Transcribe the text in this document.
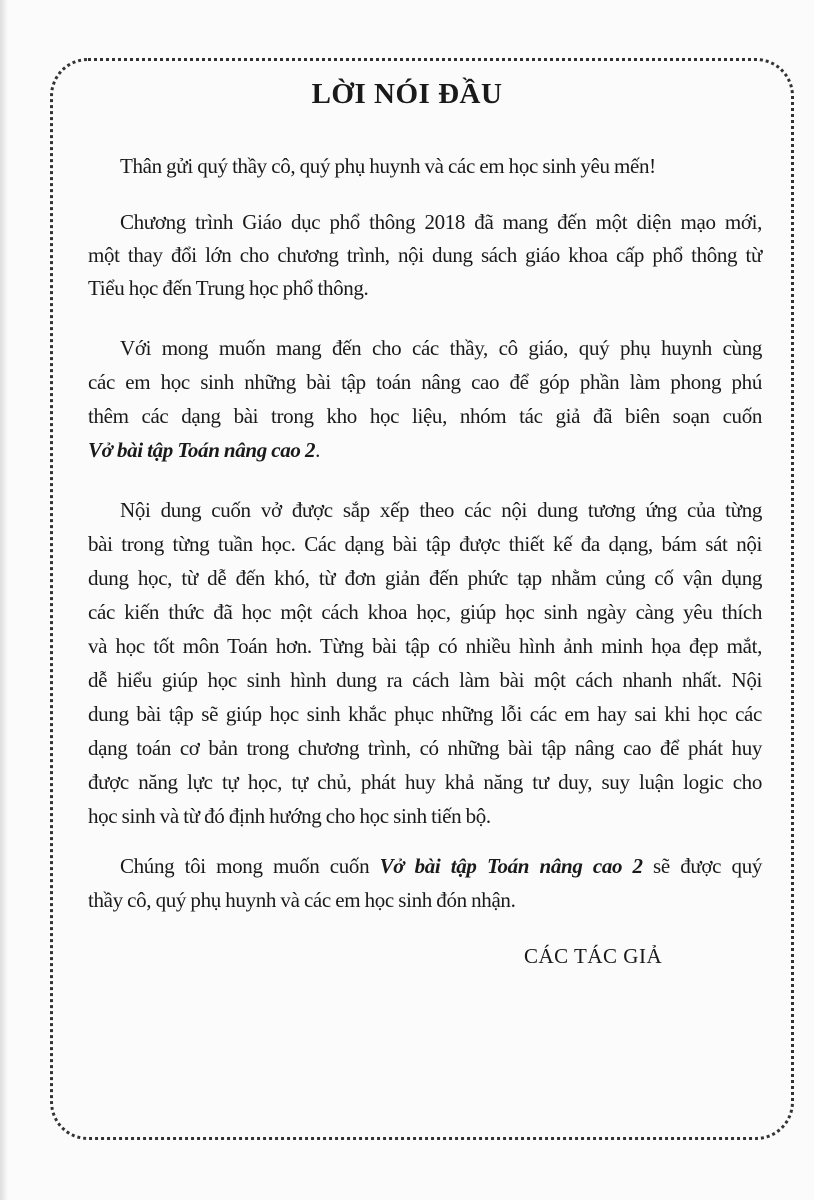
LỜI NÓI ĐẦU
Thân gửi quý thầy cô, quý phụ huynh và các em học sinh yêu mến!
Chương trình Giáo dục phổ thông 2018 đã mang đến một diện mạo mới,
một thay đổi lớn cho chương trình, nội dung sách giáo khoa cấp phổ thông từ
Tiểu học đến Trung học phổ thông.
Với mong muốn mang đến cho các thầy, cô giáo, quý phụ huynh cùng
các em học sinh những bài tập toán nâng cao để góp phần làm phong phú
thêm các dạng bài trong kho học liệu, nhóm tác giả đã biên soạn cuốn
Vở bài tập Toán nâng cao 2.
Nội dung cuốn vở được sắp xếp theo các nội dung tương ứng của từng
bài trong từng tuần học. Các dạng bài tập được thiết kế đa dạng, bám sát nội
dung học, từ dễ đến khó, từ đơn giản đến phức tạp nhằm củng cố vận dụng
các kiến thức đã học một cách khoa học, giúp học sinh ngày càng yêu thích
và học tốt môn Toán hơn. Từng bài tập có nhiều hình ảnh minh họa đẹp mắt,
dễ hiểu giúp học sinh hình dung ra cách làm bài một cách nhanh nhất. Nội
dung bài tập sẽ giúp học sinh khắc phục những lỗi các em hay sai khi học các
dạng toán cơ bản trong chương trình, có những bài tập nâng cao để phát huy
được năng lực tự học, tự chủ, phát huy khả năng tư duy, suy luận logic cho
học sinh và từ đó định hướng cho học sinh tiến bộ.
Chúng tôi mong muốn cuốn Vở bài tập Toán nâng cao 2 sẽ được quý
thầy cô, quý phụ huynh và các em học sinh đón nhận.
CÁC TÁC GIẢ
